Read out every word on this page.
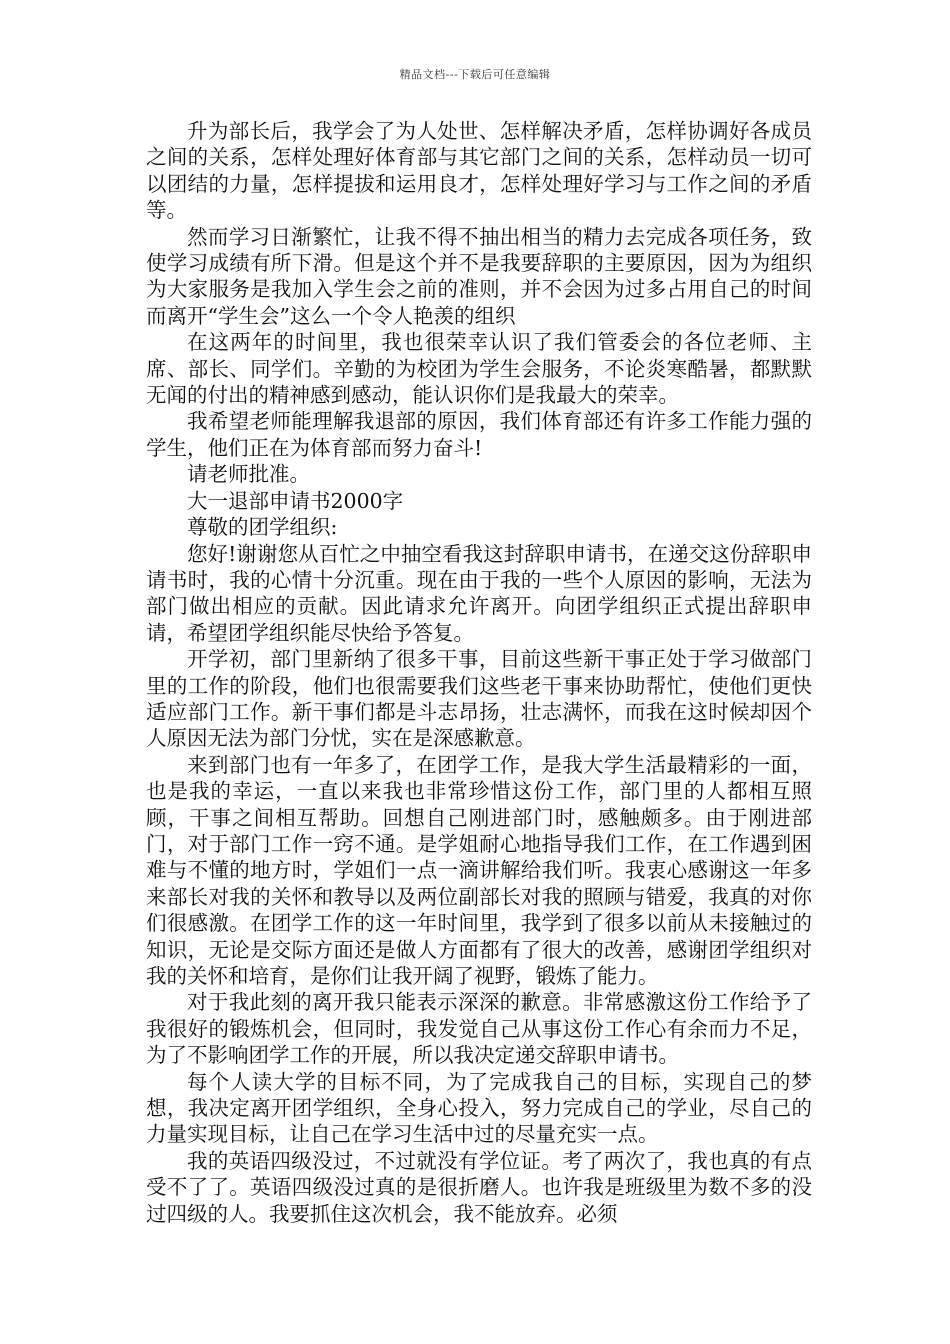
精品文档---下载后可任意编辑

升为部长后，我学会了为人处世、怎样解决矛盾，怎样协调好各成员之间的关系，怎样处理好体育部与其它部门之间的关系，怎样动员一切可以团结的力量，怎样提拔和运用良才，怎样处理好学习与工作之间的矛盾等。

然而学习日渐繁忙，让我不得不抽出相当的精力去完成各项任务，致使学习成绩有所下滑。但是这个并不是我要辞职的主要原因，因为为组织为大家服务是我加入学生会之前的准则，并不会因为过多占用自己的时间而离开“学生会”这么一个令人艳羡的组织

在这两年的时间里，我也很荣幸认识了我们管委会的各位老师、主席、部长、同学们。辛勤的为校团为学生会服务，不论炎寒酷暑，都默默无闻的付出的精神感到感动，能认识你们是我最大的荣幸。

我希望老师能理解我退部的原因，我们体育部还有许多工作能力强的学生，他们正在为体育部而努力奋斗!

请老师批准。

大一退部申请书2000字

尊敬的团学组织:

您好!谢谢您从百忙之中抽空看我这封辞职申请书，在递交这份辞职申请书时，我的心情十分沉重。现在由于我的一些个人原因的影响，无法为部门做出相应的贡献。因此请求允许离开。向团学组织正式提出辞职申请，希望团学组织能尽快给予答复。

开学初，部门里新纳了很多干事，目前这些新干事正处于学习做部门里的工作的阶段，他们也很需要我们这些老干事来协助帮忙，使他们更快适应部门工作。新干事们都是斗志昂扬，壮志满怀，而我在这时候却因个人原因无法为部门分忧，实在是深感歉意。

来到部门也有一年多了，在团学工作，是我大学生活最精彩的一面，也是我的幸运，一直以来我也非常珍惜这份工作，部门里的人都相互照顾，干事之间相互帮助。回想自己刚进部门时，感触颇多。由于刚进部门，对于部门工作一窍不通。是学姐耐心地指导我们工作，在工作遇到困难与不懂的地方时，学姐们一点一滴讲解给我们听。我衷心感谢这一年多来部长对我的关怀和教导以及两位副部长对我的照顾与错爱，我真的对你们很感激。在团学工作的这一年时间里，我学到了很多以前从未接触过的知识，无论是交际方面还是做人方面都有了很大的改善，感谢团学组织对我的关怀和培育，是你们让我开阔了视野，锻炼了能力。

对于我此刻的离开我只能表示深深的歉意。非常感激这份工作给予了我很好的锻炼机会，但同时，我发觉自己从事这份工作心有余而力不足，为了不影响团学工作的开展，所以我决定递交辞职申请书。

每个人读大学的目标不同，为了完成我自己的目标，实现自己的梦想，我决定离开团学组织，全身心投入，努力完成自己的学业，尽自己的力量实现目标，让自己在学习生活中过的尽量充实一点。

我的英语四级没过，不过就没有学位证。考了两次了，我也真的有点受不了了。英语四级没过真的是很折磨人。也许我是班级里为数不多的没过四级的人。我要抓住这次机会，我不能放弃。必须
